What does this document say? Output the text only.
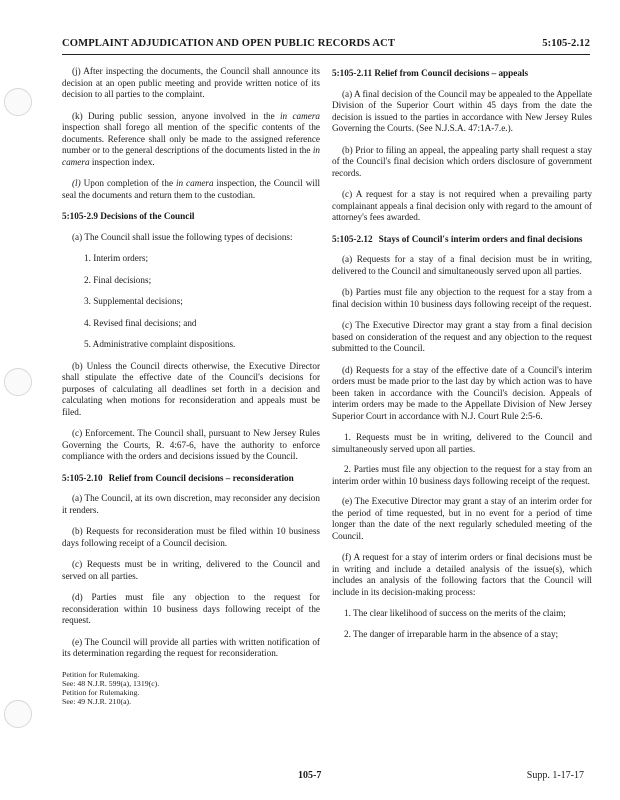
COMPLAINT ADJUDICATION AND OPEN PUBLIC RECORDS ACT	5:105-2.12

(j) After inspecting the documents, the Council shall announce its decision at an open public meeting and provide written notice of its decision to all parties to the complaint.

(k) During public session, anyone involved in the in camera inspection shall forego all mention of the specific contents of the documents. Reference shall only be made to the assigned reference number or to the general descriptions of the documents listed in the in camera inspection index.

(l) Upon completion of the in camera inspection, the Council will seal the documents and return them to the custodian.

5:105-2.9 Decisions of the Council

(a) The Council shall issue the following types of decisions:

1. Interim orders;

2. Final decisions;

3. Supplemental decisions;

4. Revised final decisions; and

5. Administrative complaint dispositions.

(b) Unless the Council directs otherwise, the Executive Director shall stipulate the effective date of the Council's decisions for purposes of calculating all deadlines set forth in a decision and calculating when motions for reconsideration and appeals must be filed.

(c) Enforcement. The Council shall, pursuant to New Jersey Rules Governing the Courts, R. 4:67-6, have the authority to enforce compliance with the orders and decisions issued by the Council.

5:105-2.10 Relief from Council decisions – reconsideration

(a) The Council, at its own discretion, may reconsider any decision it renders.

(b) Requests for reconsideration must be filed within 10 business days following receipt of a Council decision.

(c) Requests must be in writing, delivered to the Council and served on all parties.

(d) Parties must file any objection to the request for reconsideration within 10 business days following receipt of the request.

(e) The Council will provide all parties with written notification of its determination regarding the request for reconsideration.

Petition for Rulemaking.
See: 48 N.J.R. 599(a), 1319(c).
Petition for Rulemaking.
See: 49 N.J.R. 210(a).
5:105-2.11 Relief from Council decisions – appeals

(a) A final decision of the Council may be appealed to the Appellate Division of the Superior Court within 45 days from the date the decision is issued to the parties in accordance with New Jersey Rules Governing the Courts. (See N.J.S.A. 47:1A-7.e.).

(b) Prior to filing an appeal, the appealing party shall request a stay of the Council's final decision which orders disclosure of government records.

(c) A request for a stay is not required when a prevailing party complainant appeals a final decision only with regard to the amount of attorney's fees awarded.

5:105-2.12 Stays of Council's interim orders and final decisions

(a) Requests for a stay of a final decision must be in writing, delivered to the Council and simultaneously served upon all parties.

(b) Parties must file any objection to the request for a stay from a final decision within 10 business days following receipt of the request.

(c) The Executive Director may grant a stay from a final decision based on consideration of the request and any objection to the request submitted to the Council.

(d) Requests for a stay of the effective date of a Council's interim orders must be made prior to the last day by which action was to have been taken in accordance with the Council's decision. Appeals of interim orders may be made to the Appellate Division of New Jersey Superior Court in accordance with N.J. Court Rule 2:5-6.

1. Requests must be in writing, delivered to the Council and simultaneously served upon all parties.

2. Parties must file any objection to the request for a stay from an interim order within 10 business days following receipt of the request.

(e) The Executive Director may grant a stay of an interim order for the period of time requested, but in no event for a period of time longer than the date of the next regularly scheduled meeting of the Council.

(f) A request for a stay of interim orders or final decisions must be in writing and include a detailed analysis of the issue(s), which includes an analysis of the following factors that the Council will include in its decision-making process:

1. The clear likelihood of success on the merits of the claim;

2. The danger of irreparable harm in the absence of a stay;

105-7	Supp. 1-17-17
